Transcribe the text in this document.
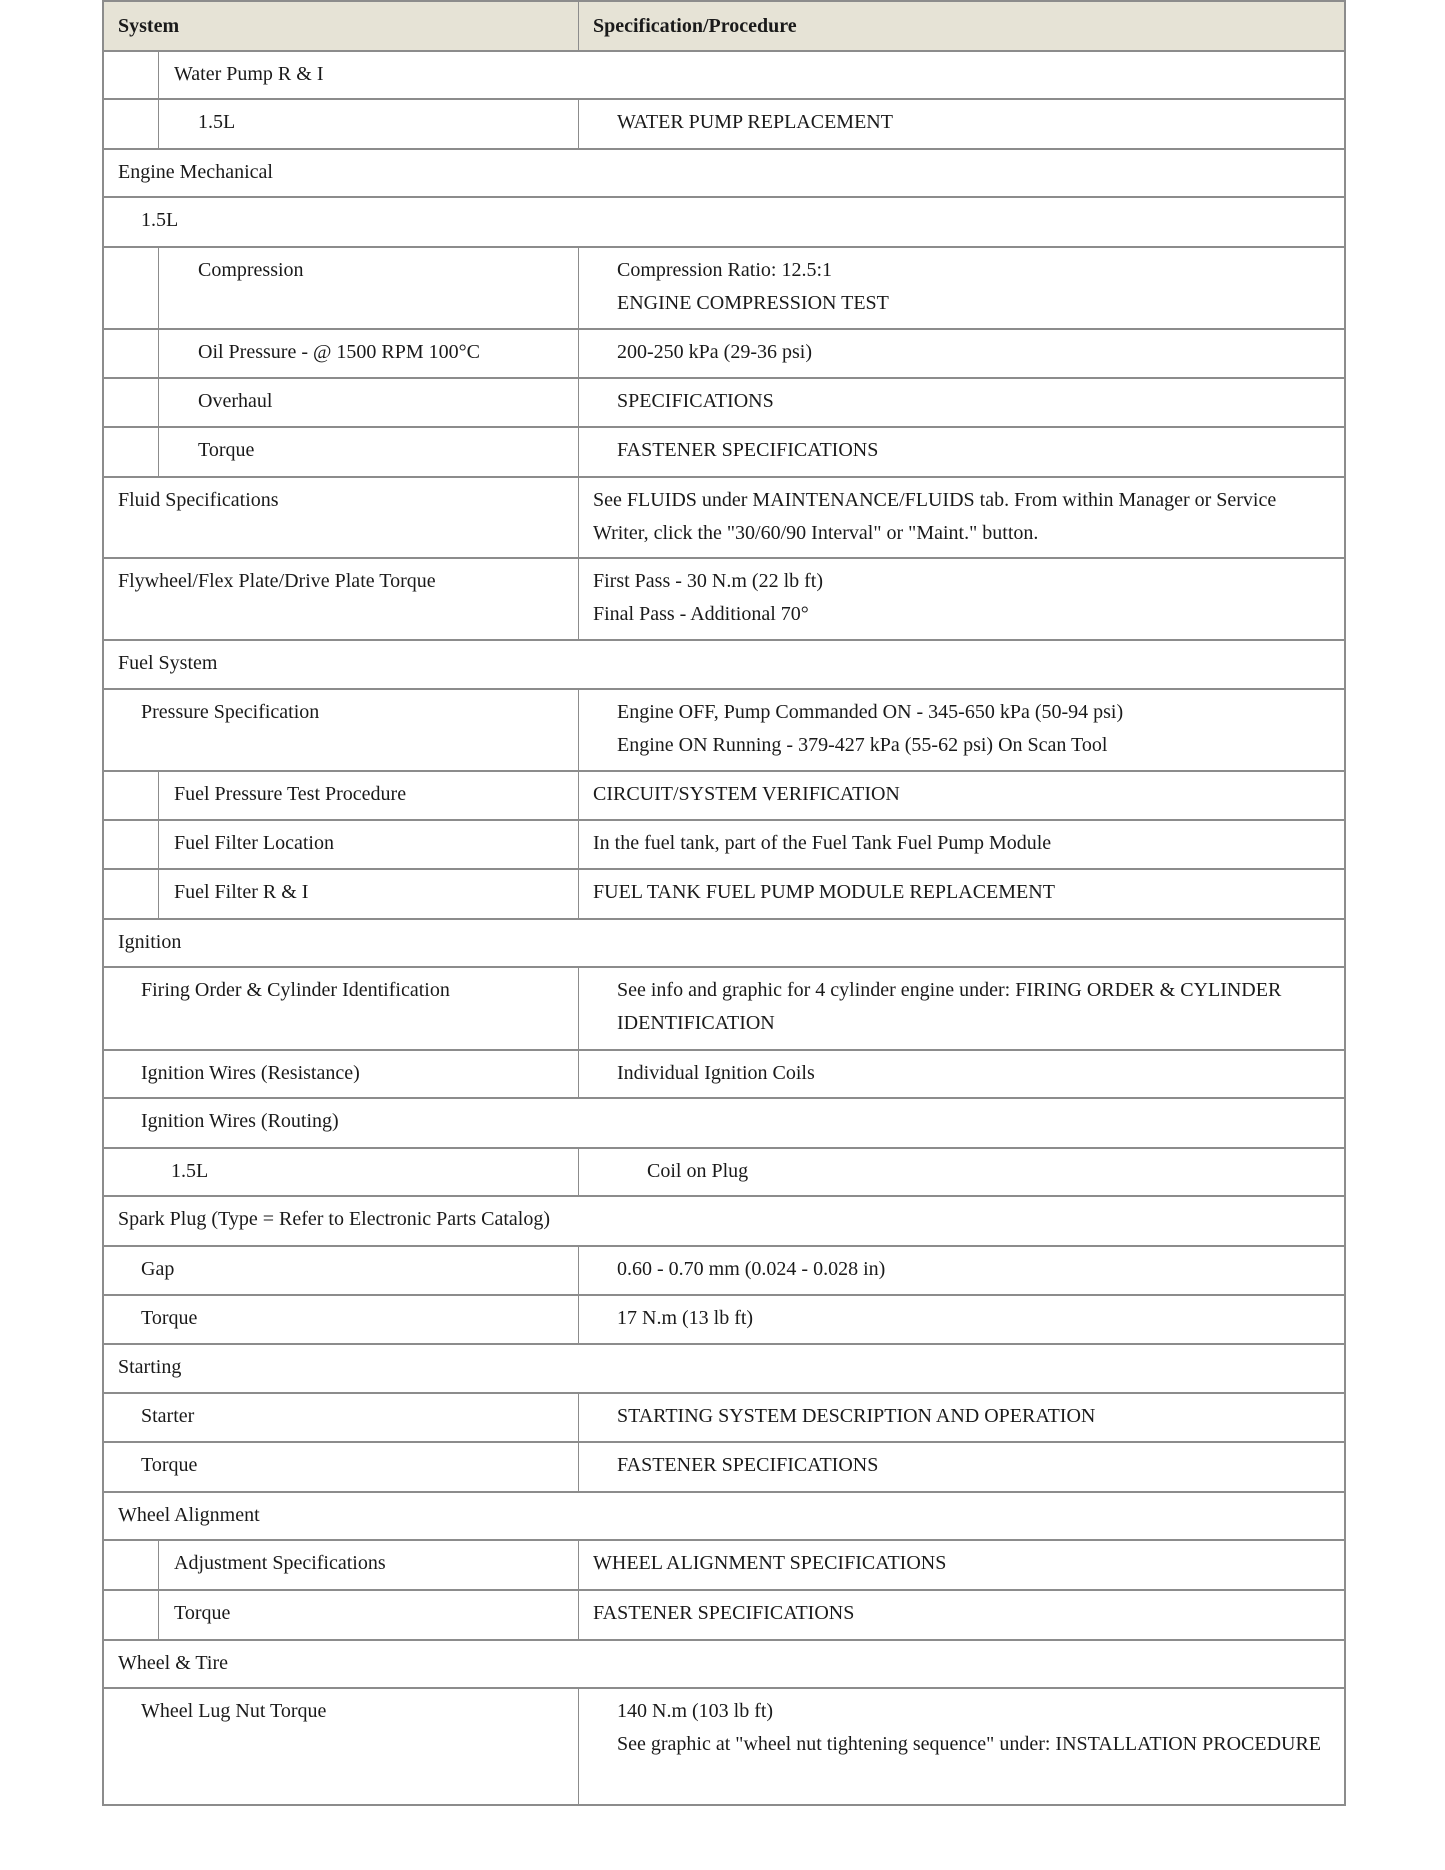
System	Specification/Procedure
Water Pump R & I
1.5L	WATER PUMP REPLACEMENT
Engine Mechanical
1.5L
Compression	Compression Ratio: 12.5:1
ENGINE COMPRESSION TEST
Oil Pressure - @ 1500 RPM 100°C	200-250 kPa (29-36 psi)
Overhaul	SPECIFICATIONS
Torque	FASTENER SPECIFICATIONS
Fluid Specifications	See FLUIDS under MAINTENANCE/FLUIDS tab. From within Manager or Service Writer, click the "30/60/90 Interval" or "Maint." button.
Flywheel/Flex Plate/Drive Plate Torque	First Pass - 30 N.m (22 lb ft)
Final Pass - Additional 70°
Fuel System
Pressure Specification	Engine OFF, Pump Commanded ON - 345-650 kPa (50-94 psi)
Engine ON Running - 379-427 kPa (55-62 psi) On Scan Tool
Fuel Pressure Test Procedure	CIRCUIT/SYSTEM VERIFICATION
Fuel Filter Location	In the fuel tank, part of the Fuel Tank Fuel Pump Module
Fuel Filter R & I	FUEL TANK FUEL PUMP MODULE REPLACEMENT
Ignition
Firing Order & Cylinder Identification	See info and graphic for 4 cylinder engine under: FIRING ORDER & CYLINDER IDENTIFICATION
Ignition Wires (Resistance)	Individual Ignition Coils
Ignition Wires (Routing)
1.5L	Coil on Plug
Spark Plug (Type = Refer to Electronic Parts Catalog)
Gap	0.60 - 0.70 mm (0.024 - 0.028 in)
Torque	17 N.m (13 lb ft)
Starting
Starter	STARTING SYSTEM DESCRIPTION AND OPERATION
Torque	FASTENER SPECIFICATIONS
Wheel Alignment
Adjustment Specifications	WHEEL ALIGNMENT SPECIFICATIONS
Torque	FASTENER SPECIFICATIONS
Wheel & Tire
Wheel Lug Nut Torque	140 N.m (103 lb ft)
See graphic at "wheel nut tightening sequence" under: INSTALLATION PROCEDURE
